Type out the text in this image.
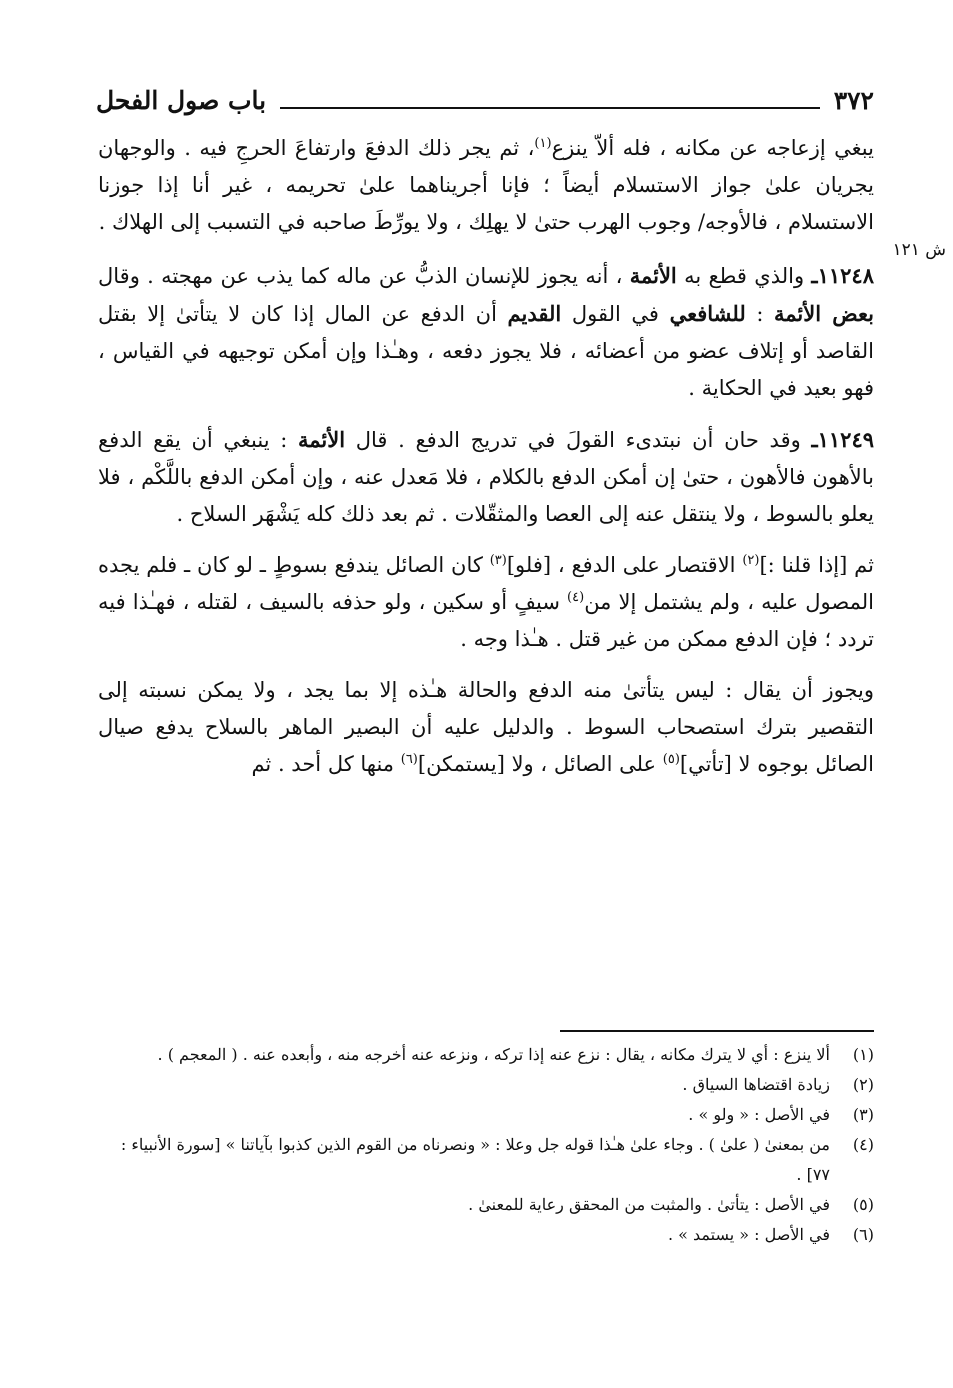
٣٧٢
باب صول الفحل
ش ١٢١

يبغي إزعاجه عن مكانه ، فله ألاّ ينزع$^{(١)}$، ثم يجر ذلك الدفعَ وارتفاعَ الحرجِ فيه . والوجهان يجريان علىٰ جواز الاستسلام أيضاً ؛ فإنا أجريناهما علىٰ تحريمه ، غير أنا إذا جوزنا الاستسلام ، فالأوجه/ وجوب الهرب حتىٰ لا يهلِك ، ولا يورِّطَ صاحبه في التسبب إلى الهلاك .

١١٢٤٨ـ والذي قطع به الأئمة ، أنه يجوز للإنسان الذبُّ عن ماله كما يذب عن مهجته . وقال بعض الأئمة : للشافعي في القول القديم أن الدفع عن المال إذا كان لا يتأتىٰ إلا بقتل القاصد أو إتلاف عضو من أعضائه ، فلا يجوز دفعه ، وهـٰذا وإن أمكن توجيهه في القياس ، فهو بعيد في الحكاية .

١١٢٤٩ـ وقد حان أن نبتدىء القولَ في تدريج الدفع . قال الأئمة : ينبغي أن يقع الدفع بالأهون فالأهون ، حتىٰ إن أمكن الدفع بالكلام ، فلا مَعدل عنه ، وإن أمكن الدفع باللَّكْم ، فلا يعلو بالسوط ، ولا ينتقل عنه إلى العصا والمثقّلات . ثم بعد ذلك كله يَشْهَر السلاح .

ثم [إذا قلنا :]$^{(٢)}$ الاقتصار على الدفع ، [فلو]$^{(٣)}$ كان الصائل يندفع بسوطٍ ـ لو كان ـ فلم يجده المصول عليه ، ولم يشتمل إلا من$^{(٤)}$ سيفٍ أو سكين ، ولو حذفه بالسيف ، لقتله ، فهـٰذا فيه تردد ؛ فإن الدفع ممكن من غير قتل . هـٰذا وجه .

ويجوز أن يقال : ليس يتأتىٰ منه الدفع والحالة هـٰذه إلا بما يجد ، ولا يمكن نسبته إلى التقصير بترك استصحاب السوط . والدليل عليه أن البصير الماهر بالسلاح يدفع صيال الصائل بوجوه لا [تأتي]$^{(٥)}$ على الصائل ، ولا [يستمكن]$^{(٦)}$ منها كل أحد . ثم

(١)
ألا ينزع : أي لا يترك مكانه ، يقال : نزع عنه إذا تركه ، ونزعه عنه أخرجه منه ، وأبعده عنه . ( المعجم ) .
(٢)
زيادة اقتضاها السياق .
(٣)
في الأصل : « ولو » .
(٤)
من بمعنىٰ ( علىٰ ) . وجاء علىٰ هـٰذا قوله جل وعلا : « ونصرناه من القوم الذين كذبوا بآياتنا » [سورة الأنبياء : ٧٧] .
(٥)
في الأصل : يتأتىٰ . والمثبت من المحقق رعاية للمعنىٰ .
(٦)
في الأصل : « يستمد » .
